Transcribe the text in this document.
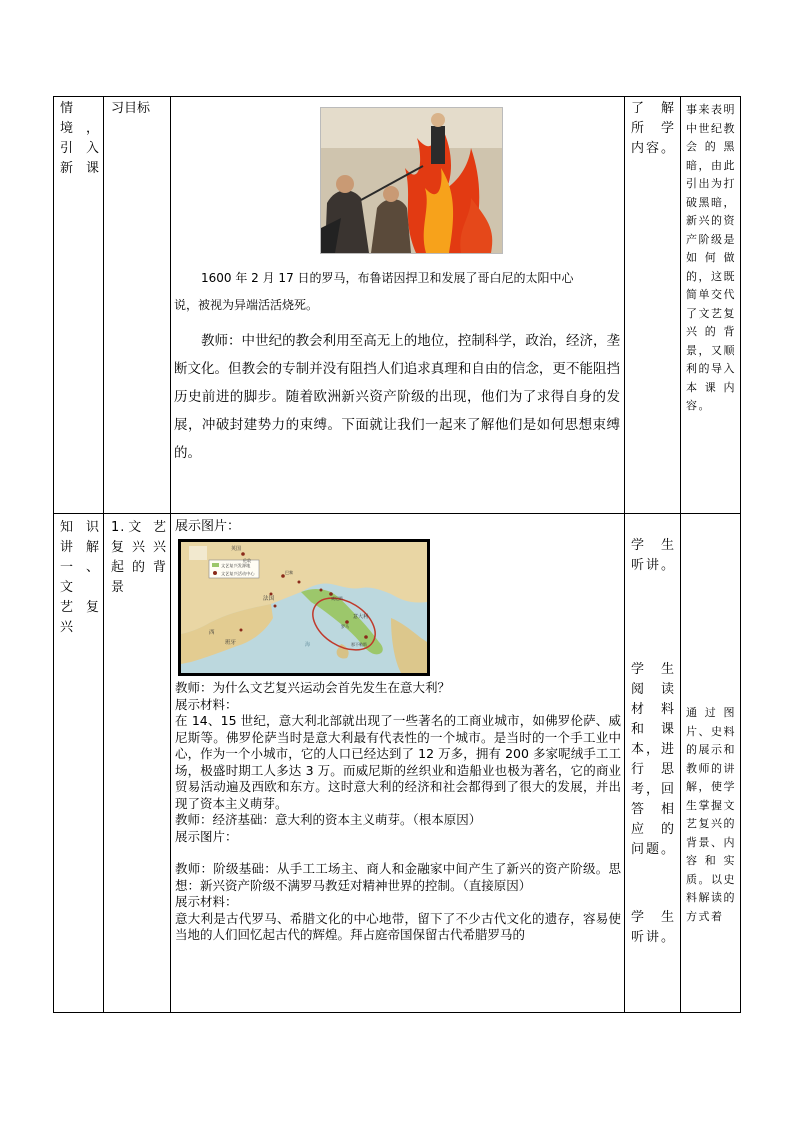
情境，
引 入
新课
习目标
1600 年 2 月 17 日的罗马，布鲁诺因捍卫和发展了哥白尼的太阳中心
说，被视为异端活活烧死。
教师：中世纪的教会利用至高无上的地位，控制科学，政治，经济，垄断文化。但教会的专制并没有阻挡人们追求真理和自由的信念，更不能阻挡历史前进的脚步。随着欧洲新兴资产阶级的出现，他们为了求得自身的发展，冲破封建势力的束缚。下面就让我们一起来了解他们是如何思想束缚的。
了 解
所 学
内容。
事来表明中世纪教会的黑暗，由此引出为打破黑暗，新兴的资产阶级是如何做的，这既简单交代了文艺复兴的背景，又顺利的导入本课内容。
知 识
讲 解
一、文
艺 复
兴
1.文 艺
复兴兴
起 的 背
景
展示图片：
文艺复兴发源地
文艺复兴活动中心
英国
伦敦
法国
巴黎
西
班牙
威尼斯
罗马
意大利
海	那不勒斯
教师：为什么文艺复兴运动会首先发生在意大利？
展示材料：
在 14、15 世纪，意大利北部就出现了一些著名的工商业城市，如佛罗伦萨、威尼斯等。佛罗伦萨当时是意大利最有代表性的一个城市。是当时的一个手工业中心，作为一个小城市，它的人口已经达到了 12 万多，拥有 200 多家呢绒手工工场，极盛时期工人多达 3 万。而威尼斯的丝织业和造船业也极为著名，它的商业贸易活动遍及西欧和东方。这时意大利的经济和社会都得到了很大的发展，并出现了资本主义萌芽。
教师：经济基础：意大利的资本主义萌芽。（根本原因）
展示图片：
教师：阶级基础：从手工工场主、商人和金融家中间产生了新兴的资产阶级。思想：新兴资产阶级不满罗马教廷对精神世界的控制。（直接原因）
展示材料：
意大利是古代罗马、希腊文化的中心地带，留下了不少古代文化的遗存，容易使当地的人们回忆起古代的辉煌。拜占庭帝国保留古代希腊罗马的
学 生
听讲。
学 生
阅 读
材 料
和 课
本，进
行 思
考，回
答 相
应 的
问题。
学 生
听讲。
通过图片、史料的展示和教师的讲解，使学生掌握文艺复兴的背景、内容和实质。以史料解读的方式着
